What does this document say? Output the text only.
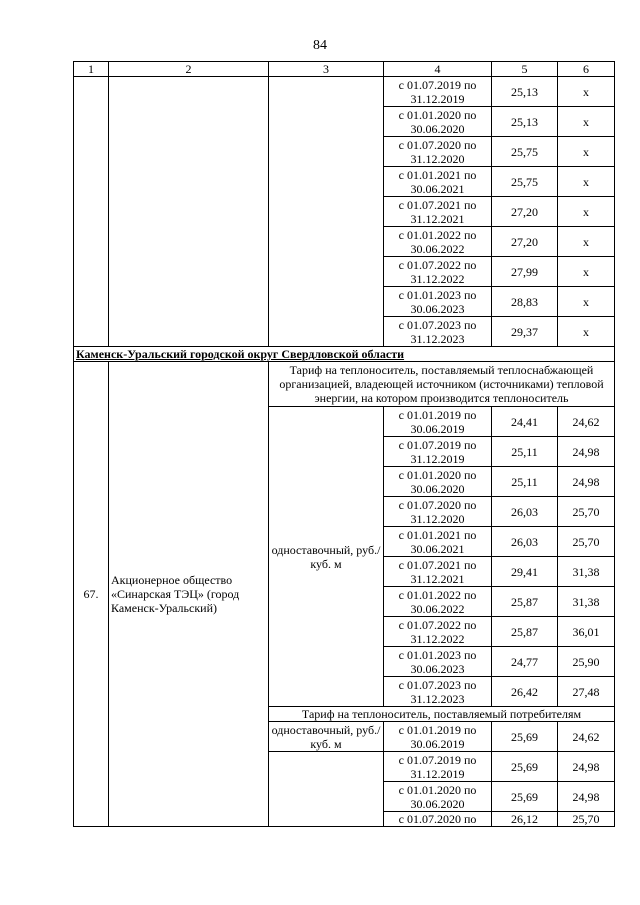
84
1	2	3	4	5	6
			с 01.07.2019 по 31.12.2019	25,13	х
			с 01.01.2020 по 30.06.2020	25,13	х
			с 01.07.2020 по 31.12.2020	25,75	х
			с 01.01.2021 по 30.06.2021	25,75	х
			с 01.07.2021 по 31.12.2021	27,20	х
			с 01.01.2022 по 30.06.2022	27,20	х
			с 01.07.2022 по 31.12.2022	27,99	х
			с 01.01.2023 по 30.06.2023	28,83	х
			с 01.07.2023 по 31.12.2023	29,37	х
Каменск-Уральский городской округ Свердловской области					
67.	Акционерное общество «Синарская ТЭЦ» (город Каменск-Уральский)	Тариф на теплоноситель, поставляемый теплоснабжающей организацией, владеющей источником (источниками) тепловой энергии, на котором производится теплоноситель			
		одноставочный, руб./куб. м	с 01.01.2019 по 30.06.2019	24,41	24,62
			с 01.07.2019 по 31.12.2019	25,11	24,98
			с 01.01.2020 по 30.06.2020	25,11	24,98
			с 01.07.2020 по 31.12.2020	26,03	25,70
			с 01.01.2021 по 30.06.2021	26,03	25,70
			с 01.07.2021 по 31.12.2021	29,41	31,38
			с 01.01.2022 по 30.06.2022	25,87	31,38
			с 01.07.2022 по 31.12.2022	25,87	36,01
			с 01.01.2023 по 30.06.2023	24,77	25,90
			с 01.07.2023 по 31.12.2023	26,42	27,48
		Тариф на теплоноситель, поставляемый потребителям			
		одноставочный, руб./куб. м	с 01.01.2019 по 30.06.2019	25,69	24,62
			с 01.07.2019 по 31.12.2019	25,69	24,98
			с 01.01.2020 по 30.06.2020	25,69	24,98
			с 01.07.2020 по	26,12	25,70
